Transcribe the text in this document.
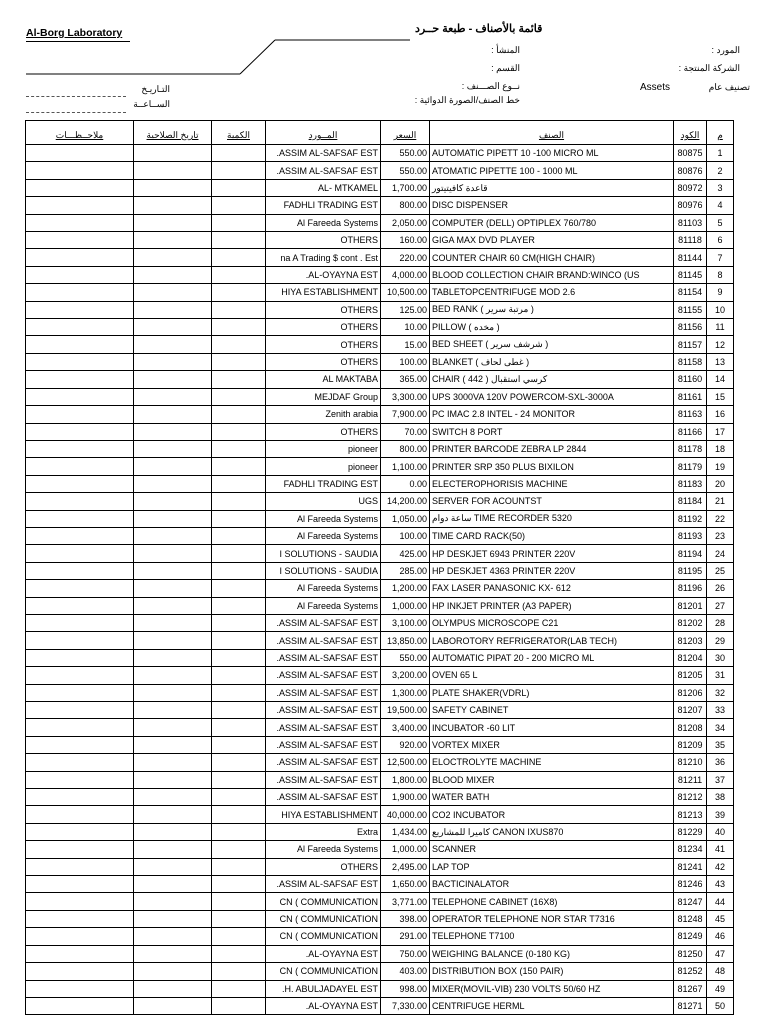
Al-Borg Laboratory	قائمة بالأصناف - طبعة حــرد
التـاريـخ
الســاعــة
المنشأ :
القسم :
نــوع الصـــنف :
خط الصنف/الصورة الدوائية :
المورد :
الشركة المنتجة :
تصنيف عام
Assets
ملاحــظـــات	تاريخ الصلاحية	الكمية	المــورد	السعر	الصنف	الكود	م
			ASSIM AL-SAFSAF EST.	550.00	AUTOMATIC PIPETT 10 -100 MICRO ML	80875	1
			ASSIM AL-SAFSAF EST.	550.00	ATOMATIC PIPETTE 100 - 1000 ML	80876	2
			AL- MTKAMEL	1,700.00	قاعدة كافيتيتور	80972	3
			FADHLI TRADING EST	800.00	DISC DISPENSER	80976	4
			Al Fareeda Systems	2,050.00	COMPUTER (DELL) OPTIPLEX 760/780	81103	5
			OTHERS	160.00	GIGA MAX DVD PLAYER	81118	6
			na A Trading $ cont . Est	220.00	COUNTER CHAIR 60 CM(HIGH CHAIR)	81144	7
			AL-OYAYNA EST.	4,000.00	BLOOD COLLECTION CHAIR BRAND:WINCO (US	81145	8
			HIYA ESTABLISHMENT	10,500.00	TABLETOPCENTRIFUGE MOD 2.6	81154	9
			OTHERS	125.00	BED RANK ( مرتبة سرير )	81155	10
			OTHERS	10.00	PILLOW ( مخده )	81156	11
			OTHERS	15.00	BED SHEET ( شرشف سرير )	81157	12
			OTHERS	100.00	BLANKET ( غطى لحاف )	81158	13
			AL MAKTABA	365.00	CHAIR ( 442 ) كرسي استقبال	81160	14
			MEJDAF Group	3,300.00	UPS 3000VA 120V POWERCOM-SXL-3000A	81161	15
			Zenith arabia	7,900.00	PC IMAC 2.8 INTEL - 24 MONITOR	81163	16
			OTHERS	70.00	SWITCH 8 PORT	81166	17
			pioneer	800.00	PRINTER BARCODE ZEBRA LP 2844	81178	18
			pioneer	1,100.00	PRINTER SRP 350 PLUS BIXILON	81179	19
			FADHLI TRADING EST	0.00	ELECTEROPHORISIS MACHINE	81183	20
			UGS	14,200.00	SERVER FOR ACOUNTST	81184	21
			Al Fareeda Systems	1,050.00	ساعة دوام TIME RECORDER 5320	81192	22
			Al Fareeda Systems	100.00	TIME CARD RACK(50)	81193	23
			I SOLUTIONS - SAUDIA	425.00	HP DESKJET 6943 PRINTER 220V	81194	24
			I SOLUTIONS - SAUDIA	285.00	HP DESKJET 4363 PRINTER 220V	81195	25
			Al Fareeda Systems	1,200.00	FAX LASER PANASONIC KX- 612	81196	26
			Al Fareeda Systems	1,000.00	HP INKJET PRINTER (A3 PAPER)	81201	27
			ASSIM AL-SAFSAF EST.	3,100.00	OLYMPUS MICROSCOPE C21	81202	28
			ASSIM AL-SAFSAF EST.	13,850.00	LABOROTORY REFRIGERATOR(LAB TECH)	81203	29
			ASSIM AL-SAFSAF EST.	550.00	AUTOMATIC PIPAT 20 - 200 MICRO ML	81204	30
			ASSIM AL-SAFSAF EST.	3,200.00	OVEN 65 L	81205	31
			ASSIM AL-SAFSAF EST.	1,300.00	PLATE SHAKER(VDRL)	81206	32
			ASSIM AL-SAFSAF EST.	19,500.00	SAFETY CABINET	81207	33
			ASSIM AL-SAFSAF EST.	3,400.00	INCUBATOR -60 LIT	81208	34
			ASSIM AL-SAFSAF EST.	920.00	VORTEX MIXER	81209	35
			ASSIM AL-SAFSAF EST.	12,500.00	ELOCTROLYTE MACHINE	81210	36
			ASSIM AL-SAFSAF EST.	1,800.00	BLOOD MIXER	81211	37
			ASSIM AL-SAFSAF EST.	1,900.00	WATER BATH	81212	38
			HIYA ESTABLISHMENT	40,000.00	CO2 INCUBATOR	81213	39
			Extra	1,434.00	كاميرا للمشاريع CANON IXUS870	81229	40
			Al Fareeda Systems	1,000.00	SCANNER	81234	41
			OTHERS	2,495.00	LAP TOP	81241	42
			ASSIM AL-SAFSAF EST.	1,650.00	BACTICINALATOR	81246	43
			CN ( COMMUNICATION	3,771.00	TELEPHONE CABINET (16X8)	81247	44
			CN ( COMMUNICATION	398.00	OPERATOR TELEPHONE NOR STAR T7316	81248	45
			CN ( COMMUNICATION	291.00	TELEPHONE T7100	81249	46
			AL-OYAYNA EST.	750.00	WEIGHING BALANCE (0-180 KG)	81250	47
			CN ( COMMUNICATION	403.00	DISTRIBUTION BOX (150 PAIR)	81252	48
			H. ABULJADAYEL EST.	998.00	MIXER(MOVIL-VIB) 230 VOLTS 50/60 HZ	81267	49
			AL-OYAYNA EST.	7,330.00	CENTRIFUGE HERML	81271	50
